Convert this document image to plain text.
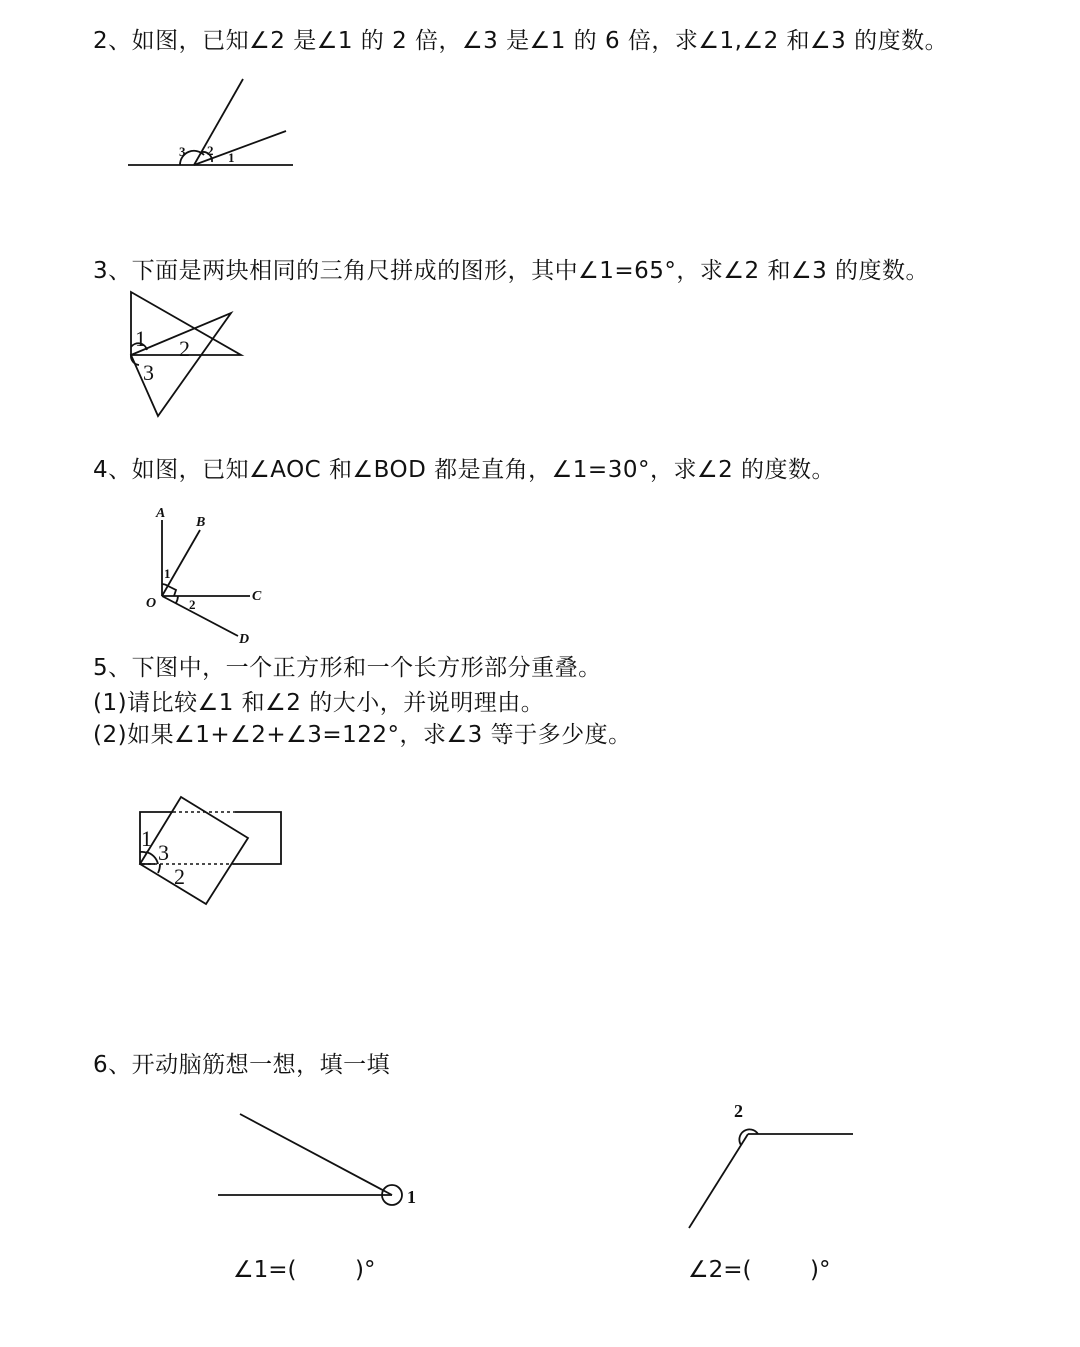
2、如图，已知∠2 是∠1 的 2 倍，∠3 是∠1 的 6 倍，求∠1,∠2 和∠3 的度数。
3、下面是两块相同的三角尺拼成的图形，其中∠1=65°，求∠2 和∠3 的度数。
4、如图，已知∠AOC 和∠BOD 都是直角，∠1=30°，求∠2 的度数。
5、下图中，一个正方形和一个长方形部分重叠。
(1)请比较∠1 和∠2 的大小，并说明理由。
(2)如果∠1+∠2+∠3=122°，求∠3 等于多少度。
6、开动脑筋想一想，填一填
3 2 1
1 2
3
A
B
C
D
O
1
2
1
3
2
1
2
∠1=(        )°	∠2=(        )°
